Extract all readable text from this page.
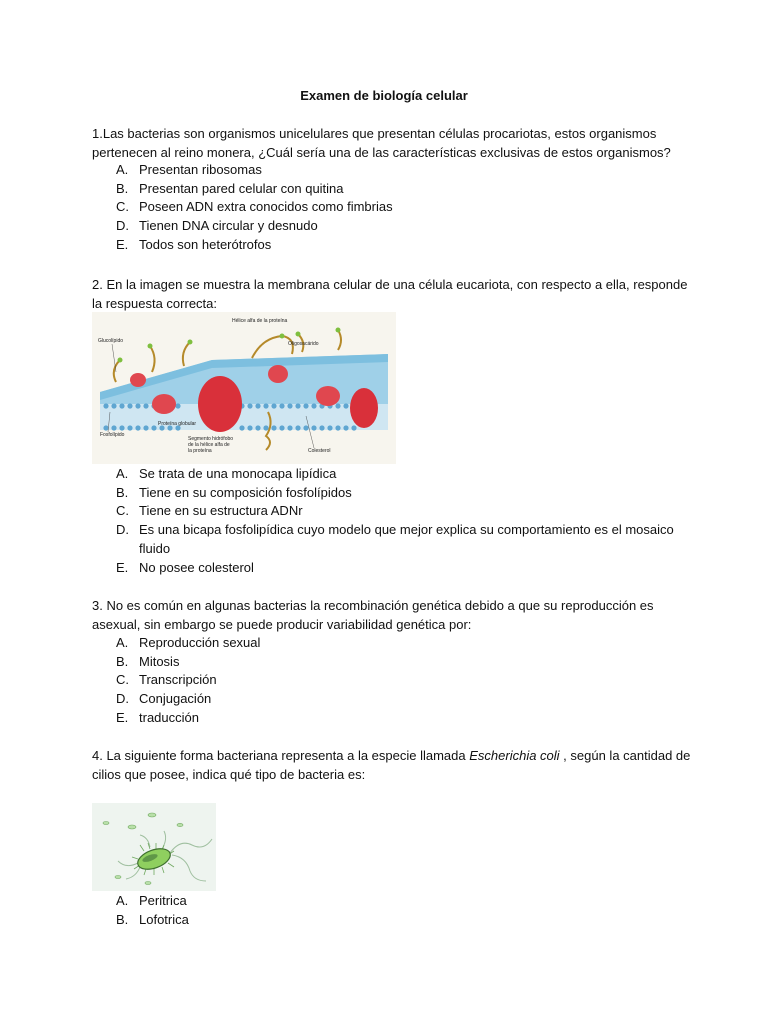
Examen de biología celular
1.Las bacterias son organismos unicelulares que presentan células procariotas, estos organismos pertenecen al reino monera, ¿Cuál sería una de las características exclusivas de estos organismos?
A. Presentan ribosomas
B. Presentan pared celular con quitina
C. Poseen ADN extra conocidos como fimbrias
D. Tienen DNA circular y desnudo
E. Todos son heterótrofos
2. En la imagen se muestra la membrana celular de una célula eucariota, con respecto a ella, responde la respuesta correcta:
Hélice alfa de la proteína
Oligosacárido
Glucolípido
Fosfolípido
Proteína globular
Segmento hidrófobo
de la hélice alfa de
la proteína	Colesterol
A. Se trata de una monocapa lipídica
B. Tiene en su composición fosfolípidos
C. Tiene en su estructura ADNr
D. Es una bicapa fosfolipídica cuyo modelo que mejor explica su comportamiento es el mosaico fluido
E. No posee colesterol
3. No es común en algunas bacterias la recombinación genética debido a que su reproducción es asexual, sin embargo se puede producir variabilidad genética por:
A. Reproducción sexual
B. Mitosis
C. Transcripción
D. Conjugación
E. traducción
4. La siguiente forma bacteriana representa a la especie llamada Escherichia coli , según la cantidad de cilios que posee, indica qué tipo de bacteria es:
A. Peritrica
B. Lofotrica
